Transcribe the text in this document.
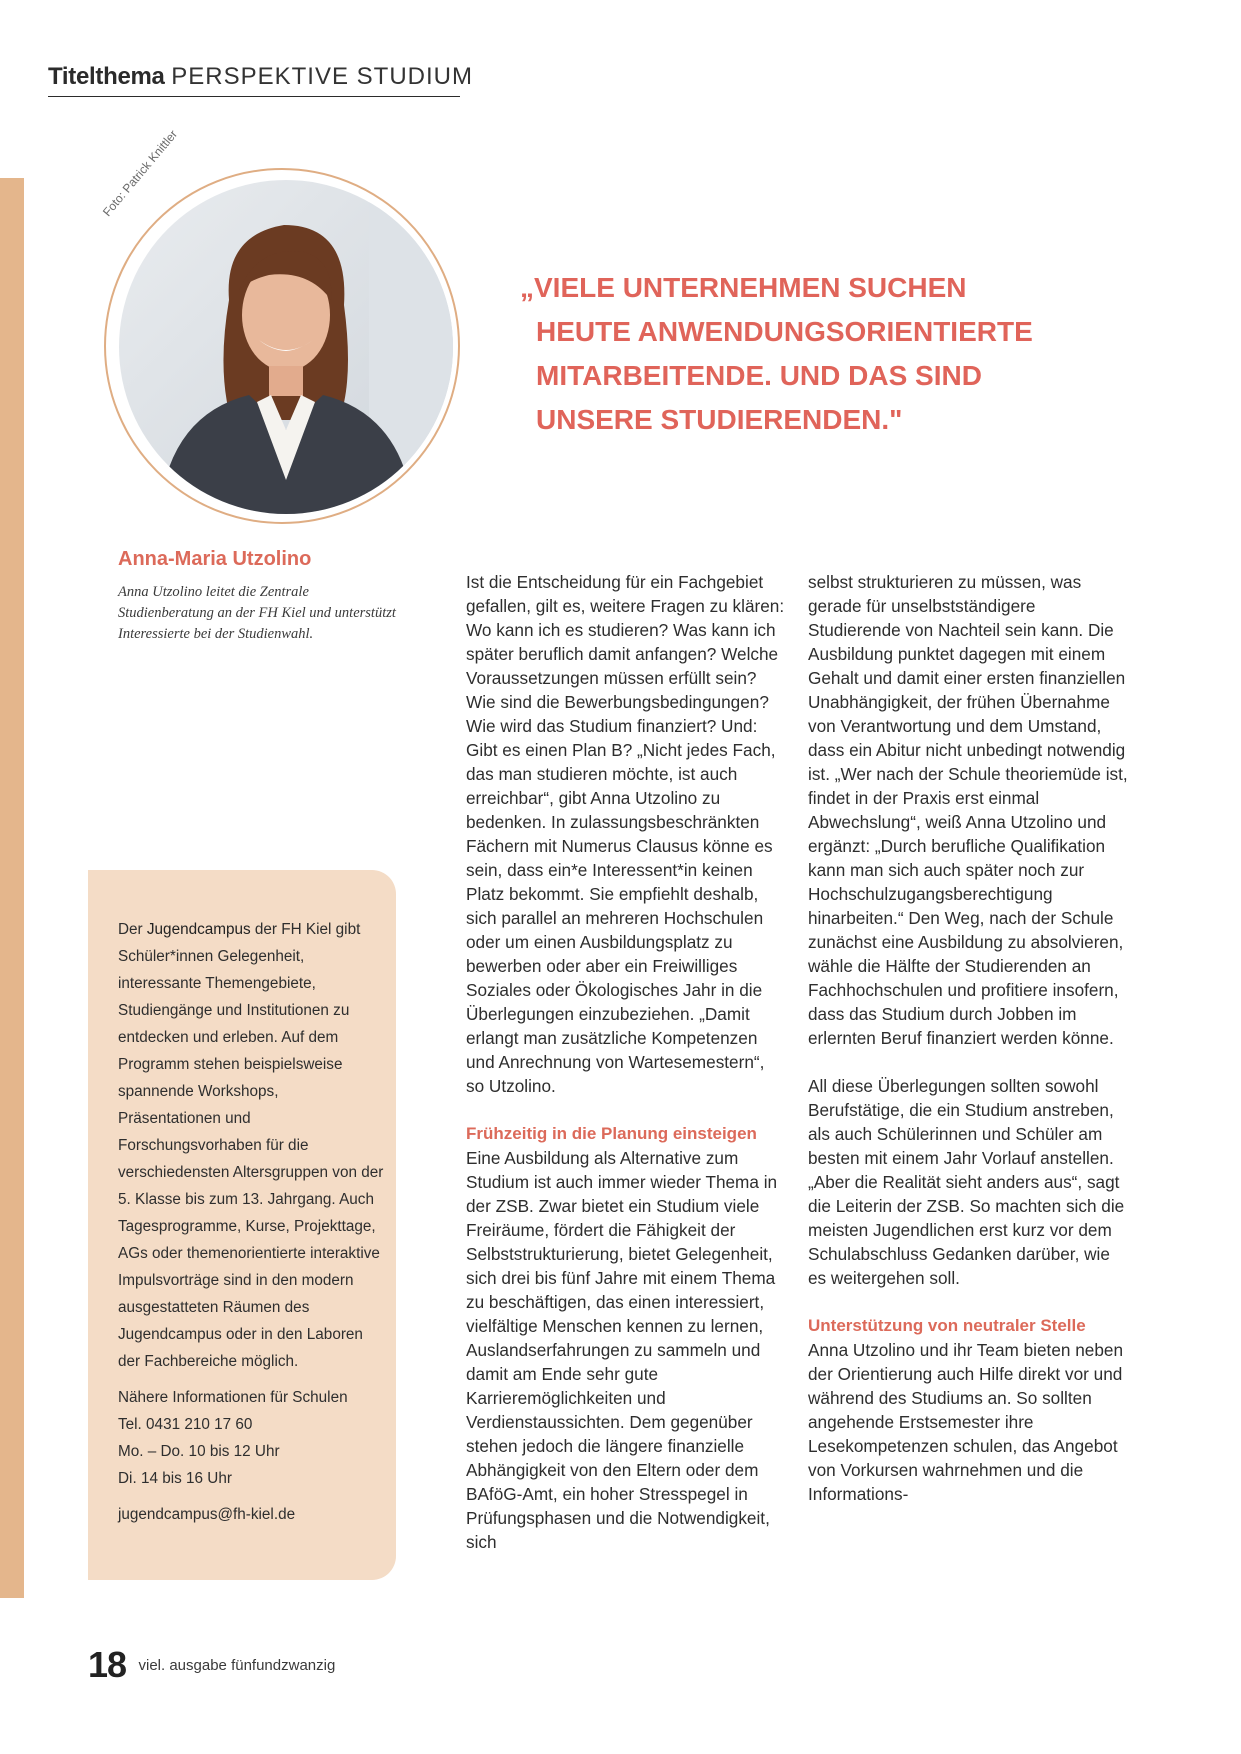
Titelthema PERSPEKTIVE STUDIUM
Foto: Patrick Knittler
„VIELE UNTERNEHMEN SUCHEN
HEUTE ANWENDUNGSORIENTIERTE
MITARBEITENDE. UND DAS SIND
UNSERE STUDIERENDEN."
Anna-Maria Utzolino

Anna Utzolino leitet die Zentrale Studienberatung an der FH Kiel und unterstützt Interessierte bei der Studienwahl.

Der Jugendcampus der FH Kiel gibt Schüler*innen Gelegenheit, interessante Themengebiete, Studiengänge und Institutionen zu entdecken und erleben. Auf dem Programm stehen beispielsweise spannende Workshops, Präsentationen und Forschungsvorhaben für die verschiedensten Altersgruppen von der 5. Klasse bis zum 13. Jahrgang. Auch Tagesprogramme, Kurse, Projekttage, AGs oder themenorientierte interaktive Impulsvorträge sind in den modern ausgestatteten Räumen des Jugendcampus oder in den Laboren der Fachbereiche möglich.

Nähere Informationen für Schulen

Tel. 0431 210 17 60

Mo. – Do. 10 bis 12 Uhr

Di. 14 bis 16 Uhr

jugendcampus@fh-kiel.de

Ist die Entscheidung für ein Fachgebiet gefallen, gilt es, weitere Fragen zu klären: Wo kann ich es studieren? Was kann ich später beruflich damit anfangen? Welche Voraussetzungen müssen erfüllt sein? Wie sind die Bewerbungsbedingungen? Wie wird das Studium finanziert? Und: Gibt es einen Plan B? „Nicht jedes Fach, das man studieren möchte, ist auch erreichbar“, gibt Anna Utzolino zu bedenken. In zulassungsbeschränkten Fächern mit Numerus Clausus könne es sein, dass ein*e Interessent*in keinen Platz bekommt. Sie empfiehlt deshalb, sich parallel an mehreren Hochschulen oder um einen Ausbildungsplatz zu bewerben oder aber ein Freiwilliges Soziales oder Ökologisches Jahr in die Überlegungen einzubeziehen. „Damit erlangt man zusätzliche Kompetenzen und Anrechnung von Wartesemestern“, so Utzolino.

Frühzeitig in die Planung einsteigen

Eine Ausbildung als Alternative zum Studium ist auch immer wieder Thema in der ZSB. Zwar bietet ein Studium viele Freiräume, fördert die Fähigkeit der Selbststrukturierung, bietet Gelegenheit, sich drei bis fünf Jahre mit einem Thema zu beschäftigen, das einen interessiert, vielfältige Menschen kennen zu lernen, Auslandserfahrungen zu sammeln und damit am Ende sehr gute Karrieremöglichkeiten und Verdienstaussichten. Dem gegenüber stehen jedoch die längere finanzielle Abhängigkeit von den Eltern oder dem BAföG-Amt, ein hoher Stresspegel in Prüfungsphasen und die Notwendigkeit, sich

selbst strukturieren zu müssen, was gerade für unselbstständigere Studierende von Nachteil sein kann. Die Ausbildung punktet dagegen mit einem Gehalt und damit einer ersten finanziellen Unabhängigkeit, der frühen Übernahme von Verantwortung und dem Umstand, dass ein Abitur nicht unbedingt notwendig ist. „Wer nach der Schule theoriemüde ist, findet in der Praxis erst einmal Abwechslung“, weiß Anna Utzolino und ergänzt: „Durch berufliche Qualifikation kann man sich auch später noch zur Hochschulzugangsberechtigung hinarbeiten.“ Den Weg, nach der Schule zunächst eine Ausbildung zu absolvieren, wähle die Hälfte der Studierenden an Fachhochschulen und profitiere insofern, dass das Studium durch Jobben im erlernten Beruf finanziert werden könne.

All diese Überlegungen sollten sowohl Berufstätige, die ein Studium anstreben, als auch Schülerinnen und Schüler am besten mit einem Jahr Vorlauf anstellen. „Aber die Realität sieht anders aus“, sagt die Leiterin der ZSB. So machten sich die meisten Jugendlichen erst kurz vor dem Schulabschluss Gedanken darüber, wie es weitergehen soll.

Unterstützung von neutraler Stelle

Anna Utzolino und ihr Team bieten neben der Orientierung auch Hilfe direkt vor und während des Studiums an. So sollten angehende Erstsemester ihre Lesekompetenzen schulen, das Angebot von Vorkursen wahrnehmen und die Informations-

18 viel. ausgabe fünfundzwanzig
